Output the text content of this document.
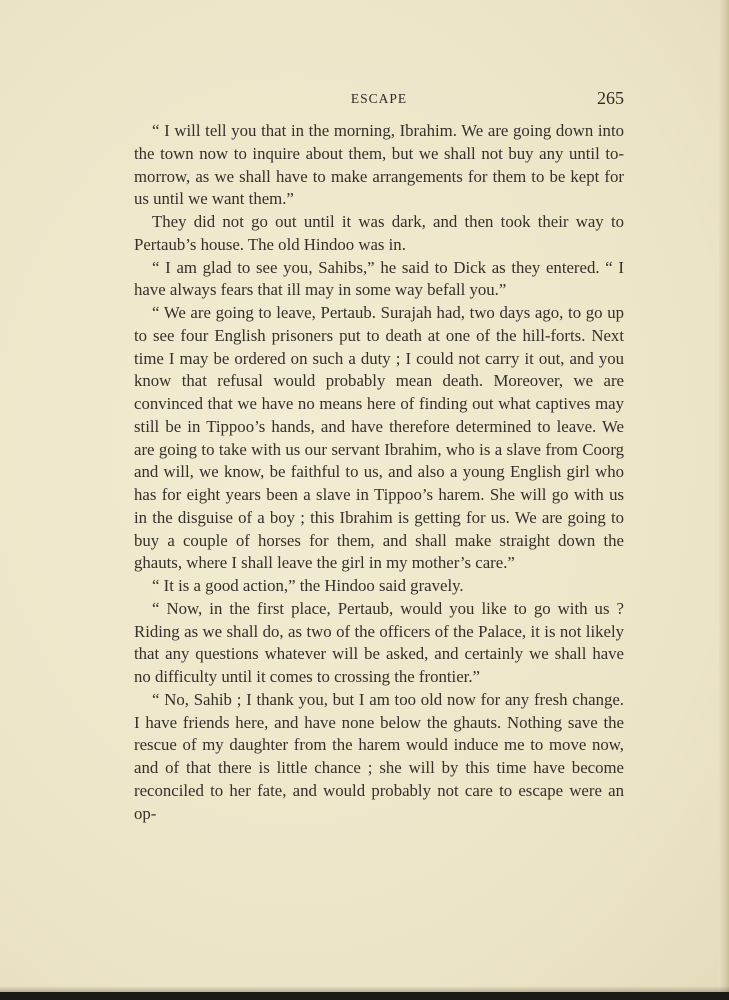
ESCAPE	265

“ I will tell you that in the morning, Ibrahim. We are going down into the town now to inquire about them, but we shall not buy any until to-morrow, as we shall have to make arrangements for them to be kept for us until we want them.”

They did not go out until it was dark, and then took their way to Pertaub’s house. The old Hindoo was in.

“ I am glad to see you, Sahibs,” he said to Dick as they entered. “ I have always fears that ill may in some way befall you.”

“ We are going to leave, Pertaub. Surajah had, two days ago, to go up to see four English prisoners put to death at one of the hill-forts. Next time I may be ordered on such a duty ; I could not carry it out, and you know that refusal would probably mean death. Moreover, we are convinced that we have no means here of finding out what captives may still be in Tippoo’s hands, and have therefore determined to leave. We are going to take with us our servant Ibrahim, who is a slave from Coorg and will, we know, be faithful to us, and also a young English girl who has for eight years been a slave in Tippoo’s harem. She will go with us in the disguise of a boy ; this Ibrahim is getting for us. We are going to buy a couple of horses for them, and shall make straight down the ghauts, where I shall leave the girl in my mother’s care.”

“ It is a good action,” the Hindoo said gravely.

“ Now, in the first place, Pertaub, would you like to go with us ? Riding as we shall do, as two of the officers of the Palace, it is not likely that any questions whatever will be asked, and certainly we shall have no difficulty until it comes to crossing the frontier.”

“ No, Sahib ; I thank you, but I am too old now for any fresh change. I have friends here, and have none below the ghauts. Nothing save the rescue of my daughter from the harem would induce me to move now, and of that there is little chance ; she will by this time have become reconciled to her fate, and would probably not care to escape were an op-
